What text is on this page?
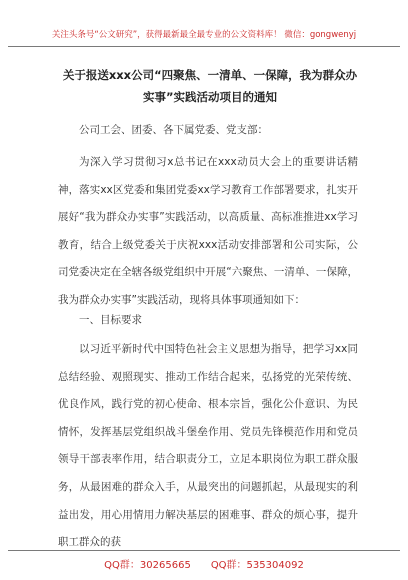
关注头条号“公文研究”，获得最新最全最专业的公文资料库！ 微信：gongwenyj
关于报送xxx公司“四聚焦、一清单、一保障，我为群众办实事”实践活动项目的通知
公司工会、团委、各下属党委、党支部：
为深入学习贯彻习x总书记在xxx动员大会上的重要讲话精神，落实xx区党委和集团党委xx学习教育工作部署要求，扎实开展好“我为群众办实事”实践活动，以高质量、高标准推进xx学习教育，结合上级党委关于庆祝xxx活动安排部署和公司实际，公司党委决定在全辖各级党组织中开展“六聚焦、一清单、一保障，我为群众办实事”实践活动，现将具体事项通知如下：
一、目标要求
以习近平新时代中国特色社会主义思想为指导，把学习xx同总结经验、观照现实、推动工作结合起来，弘扬党的光荣传统、优良作风，践行党的初心使命、根本宗旨，强化公仆意识、为民情怀，发挥基层党组织战斗堡垒作用、党员先锋模范作用和党员领导干部表率作用，结合职责分工，立足本职岗位为职工群众服务，从最困难的群众入手，从最突出的问题抓起，从最现实的利益出发，用心用情用力解决基层的困难事、群众的烦心事，提升职工群众的获
QQ群：30265665 QQ群：535304092
